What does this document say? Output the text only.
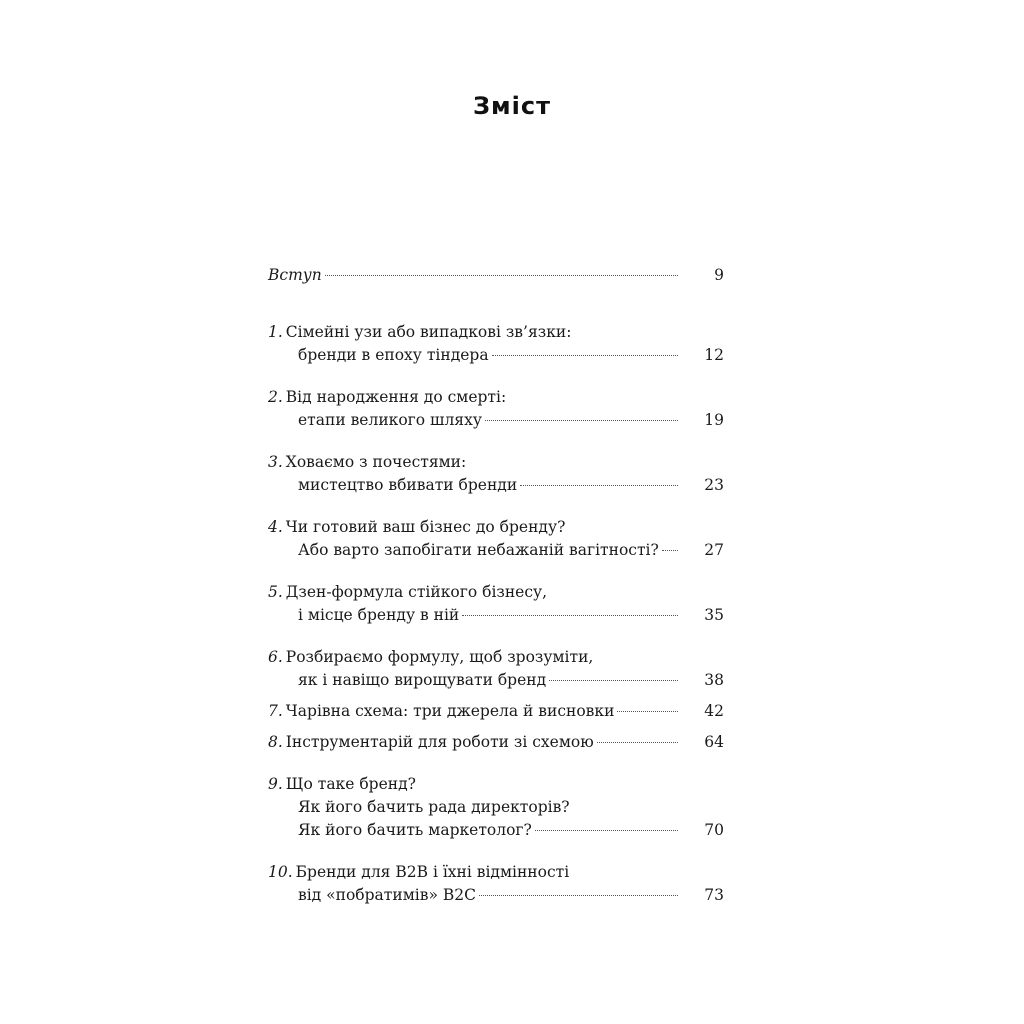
Зміст
Вступ	9
1. Сімейні узи або випадкові зв’язки:
бренди в епоху тіндера	12
2. Від народження до смерті:
етапи великого шляху	19
3. Ховаємо з почестями:
мистецтво вбивати бренди	23
4. Чи готовий ваш бізнес до бренду?
Або варто запобігати небажаній вагітності?	27
5. Дзен-формула стійкого бізнесу,
і місце бренду в ній	35
6. Розбираємо формулу, щоб зрозуміти,
як і навіщо вирощувати бренд	38
7. Чарівна схема: три джерела й висновки	42
8. Інструментарій для роботи зі схемою	64
9. Що таке бренд?
Як його бачить рада директорів?
Як його бачить маркетолог?	70
10. Бренди для B2B і їхні відмінності
від «побратимів» B2C	73
